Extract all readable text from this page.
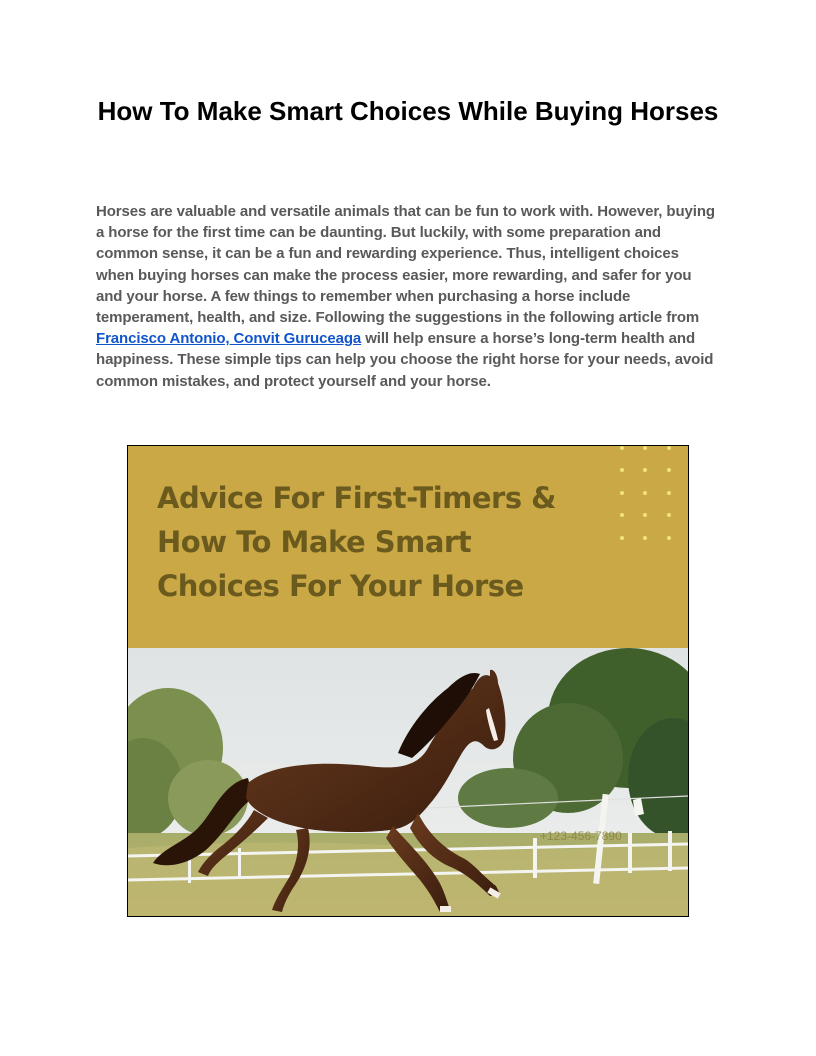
How To Make Smart Choices While Buying Horses

Horses are valuable and versatile animals that can be fun to work with. However, buying a horse for the first time can be daunting. But luckily, with some preparation and common sense, it can be a fun and rewarding experience. Thus, intelligent choices when buying horses can make the process easier, more rewarding, and safer for you and your horse. A few things to remember when purchasing a horse include temperament, health, and size. Following the suggestions in the following article from Francisco Antonio, Convit Guruceaga will help ensure a horse’s long-term health and happiness. These simple tips can help you choose the right horse for your needs, avoid common mistakes, and protect yourself and your horse.

Advice For First-Timers &
How To Make Smart
Choices For Your Horse
+123-456-7890
